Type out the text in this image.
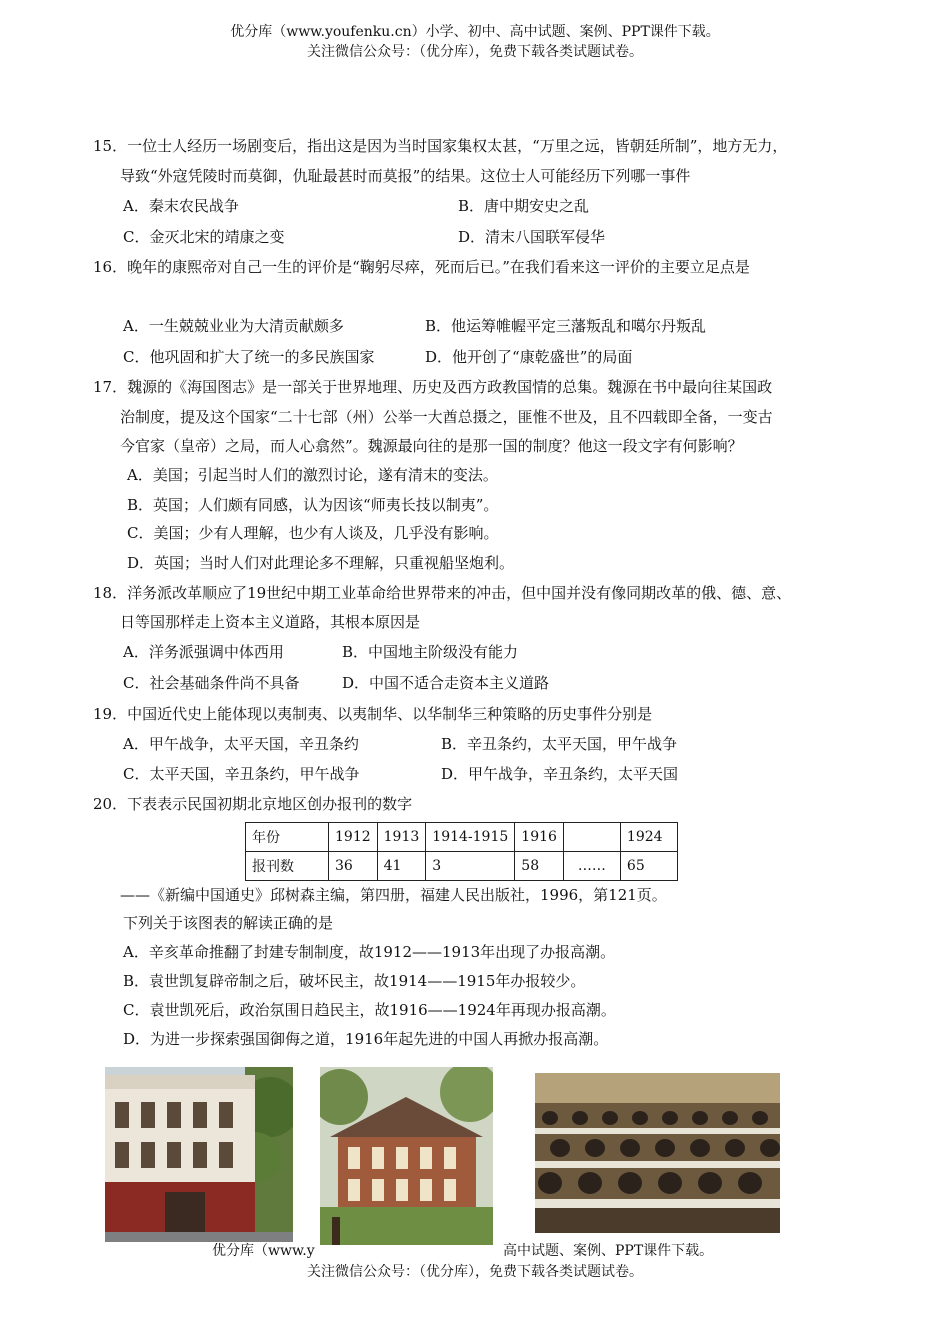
优分库（www.youfenku.cn）小学、初中、高中试题、案例、PPT课件下载。
关注微信公众号：（优分库），免费下载各类试题试卷。
15．一位士人经历一场剧变后，指出这是因为当时国家集权太甚，“万里之远，皆朝廷所制”，地方无力，
导致“外寇凭陵时而莫御，仇耻最甚时而莫报”的结果。这位士人可能经历下列哪一事件
A．秦末农民战争	B．唐中期安史之乱
C．金灭北宋的靖康之变	D．清末八国联军侵华
16．晚年的康熙帝对自己一生的评价是“鞠躬尽瘁，死而后已。”在我们看来这一评价的主要立足点是
A．一生兢兢业业为大清贡献颇多	B．他运筹帷幄平定三藩叛乱和噶尔丹叛乱
C．他巩固和扩大了统一的多民族国家	D．他开创了“康乾盛世”的局面
17．魏源的《海国图志》是一部关于世界地理、历史及西方政教国情的总集。魏源在书中最向往某国政
治制度，提及这个国家“二十七部（州）公举一大酋总摄之，匪惟不世及，且不四载即全备，一变古
今官家（皇帝）之局，而人心翕然”。魏源最向往的是那一国的制度？他这一段文字有何影响？
A．美国；引起当时人们的激烈讨论，遂有清末的变法。
B．英国；人们颇有同感，认为因该“师夷长技以制夷”。
C．美国；少有人理解，也少有人谈及，几乎没有影响。
D．英国；当时人们对此理论多不理解，只重视船坚炮利。
18．洋务派改革顺应了19世纪中期工业革命给世界带来的冲击，但中国并没有像同期改革的俄、德、意、
日等国那样走上资本主义道路，其根本原因是
A．洋务派强调中体西用	B．中国地主阶级没有能力
C．社会基础条件尚不具备	D．中国不适合走资本主义道路
19．中国近代史上能体现以夷制夷、以夷制华、以华制华三种策略的历史事件分别是
A．甲午战争，太平天国，辛丑条约	B．辛丑条约，太平天国，甲午战争
C．太平天国，辛丑条约，甲午战争	D．甲午战争，辛丑条约，太平天国
20．下表表示民国初期北京地区创办报刊的数字
年份	1912	1913	1914-1915	1916		1924
报刊数	36	41	3	58	……	65
——《新编中国通史》邱树森主编，第四册，福建人民出版社，1996，第121页。
下列关于该图表的解读正确的是
A．辛亥革命推翻了封建专制制度，故1912——1913年出现了办报高潮。
B．袁世凯复辟帝制之后，破坏民主，故1914——1915年办报较少。
C．袁世凯死后，政治氛围日趋民主，故1916——1924年再现办报高潮。
D．为进一步探索强国御侮之道，1916年起先进的中国人再掀办报高潮。
优分库（www.y	高中试题、案例、PPT课件下载。
关注微信公众号：（优分库），免费下载各类试题试卷。
